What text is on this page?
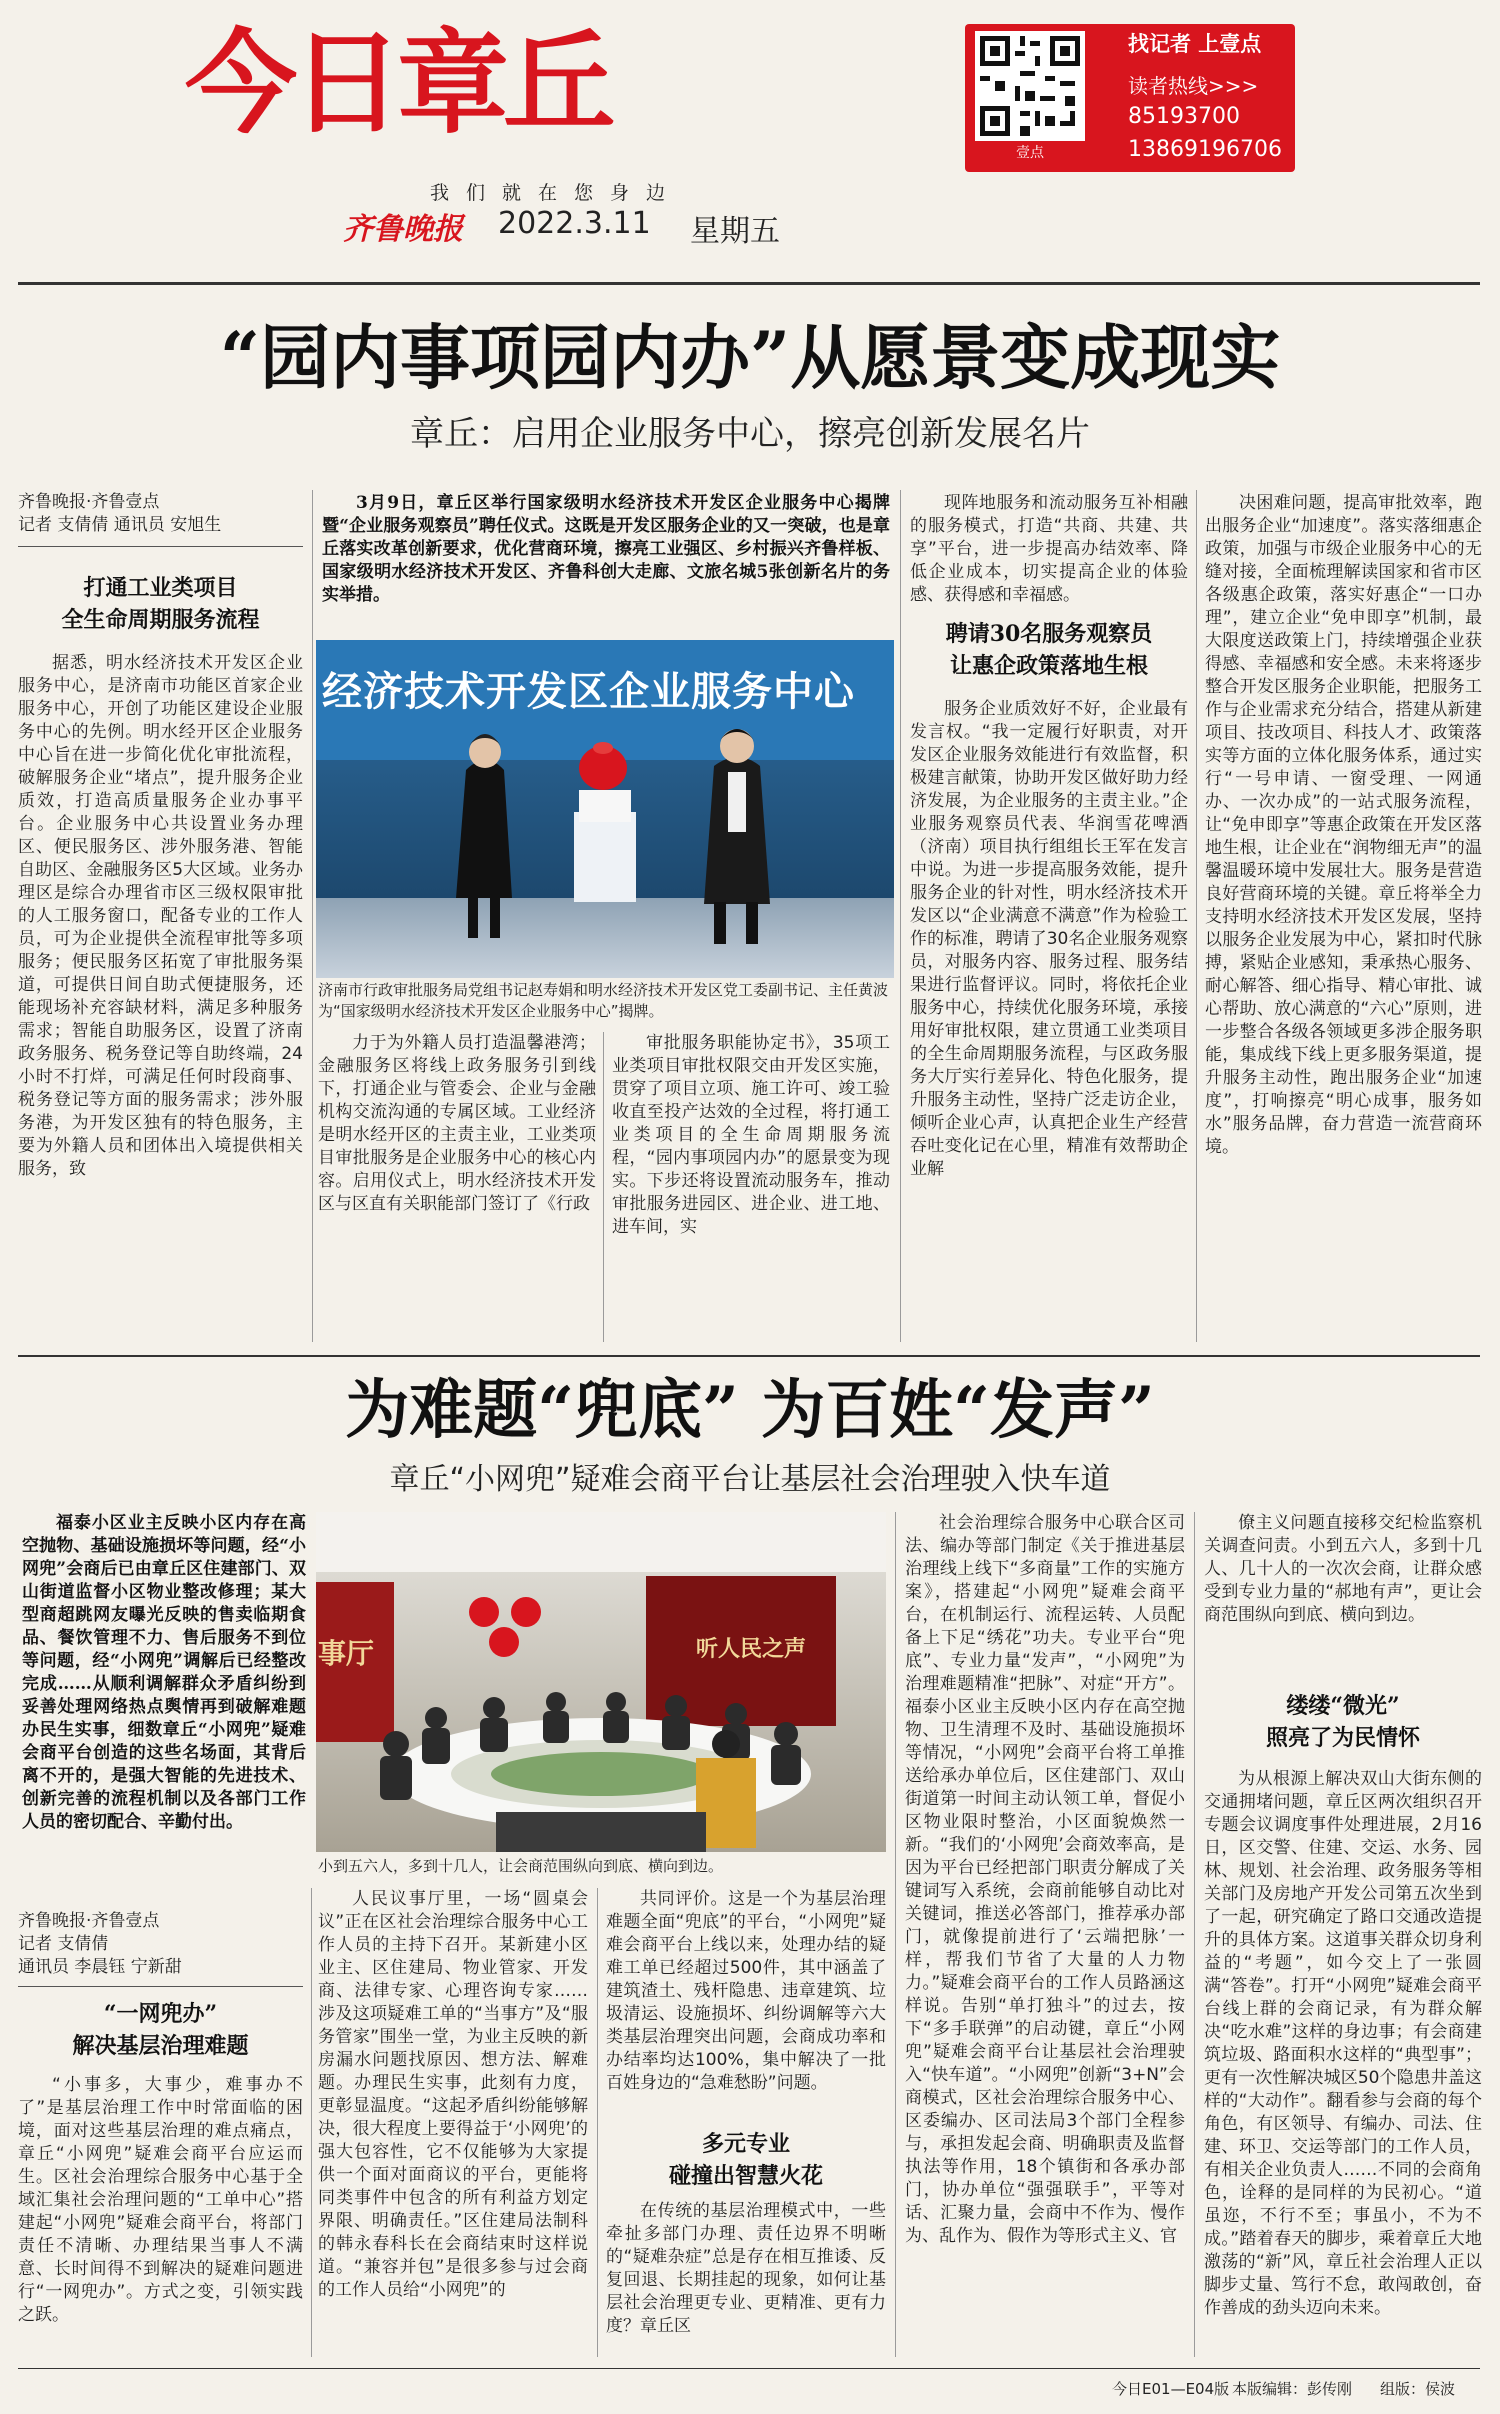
今日章丘
我们就在您身边
齐鲁晚报 2022.3.11 星期五
壹点
找记者 上壹点
读者热线>>>
85193700
13869196706
“园内事项园内办”从愿景变成现实
章丘：启用企业服务中心，擦亮创新发展名片
齐鲁晚报·齐鲁壹点
记者 支倩倩 通讯员 安旭生
打通工业类项目
全生命周期服务流程
据悉，明水经济技术开发区企业服务中心，是济南市功能区首家企业服务中心，开创了功能区建设企业服务中心的先例。明水经开区企业服务中心旨在进一步简化优化审批流程，破解服务企业“堵点”，提升服务企业质效，打造高质量服务企业办事平台。企业服务中心共设置业务办理区、便民服务区、涉外服务港、智能自助区、金融服务区5大区域。业务办理区是综合办理省市区三级权限审批的人工服务窗口，配备专业的工作人员，可为企业提供全流程审批等多项服务；便民服务区拓宽了审批服务渠道，可提供日间自助式便捷服务，还能现场补充容缺材料，满足多种服务需求；智能自助服务区，设置了济南政务服务、税务登记等自助终端，24小时不打烊，可满足任何时段商事、税务登记等方面的服务需求；涉外服务港，为开发区独有的特色服务，主要为外籍人员和团体出入境提供相关服务，致
3月9日，章丘区举行国家级明水经济技术开发区企业服务中心揭牌暨“企业服务观察员”聘任仪式。这既是开发区服务企业的又一突破，也是章丘落实改革创新要求，优化营商环境，擦亮工业强区、乡村振兴齐鲁样板、国家级明水经济技术开发区、齐鲁科创大走廊、文旅名城5张创新名片的务实举措。
经济技术开发区企业服务中心
济南市行政审批服务局党组书记赵寿娟和明水经济技术开发区党工委副书记、主任黄波为“国家级明水经济技术开发区企业服务中心”揭牌。
力于为外籍人员打造温馨港湾；金融服务区将线上政务服务引到线下，打通企业与管委会、企业与金融机构交流沟通的专属区域。工业经济是明水经开区的主责主业，工业类项目审批服务是企业服务中心的核心内容。启用仪式上，明水经济技术开发区与区直有关职能部门签订了《行政
审批服务职能协定书》，35项工业类项目审批权限交由开发区实施，贯穿了项目立项、施工许可、竣工验收直至投产达效的全过程，将打通工业类项目的全生命周期服务流程，“园内事项园内办”的愿景变为现实。下步还将设置流动服务车，推动审批服务进园区、进企业、进工地、进车间，实
现阵地服务和流动服务互补相融的服务模式，打造“共商、共建、共享”平台，进一步提高办结效率、降低企业成本，切实提高企业的体验感、获得感和幸福感。
聘请30名服务观察员
让惠企政策落地生根
服务企业质效好不好，企业最有发言权。“我一定履行好职责，对开发区企业服务效能进行有效监督，积极建言献策，协助开发区做好助力经济发展，为企业服务的主责主业。”企业服务观察员代表、华润雪花啤酒（济南）项目执行组组长王军在发言中说。为进一步提高服务效能，提升服务企业的针对性，明水经济技术开发区以“企业满意不满意”作为检验工作的标准，聘请了30名企业服务观察员，对服务内容、服务过程、服务结果进行监督评议。同时，将依托企业服务中心，持续优化服务环境，承接用好审批权限，建立贯通工业类项目的全生命周期服务流程，与区政务服务大厅实行差异化、特色化服务，提升服务主动性，坚持广泛走访企业，倾听企业心声，认真把企业生产经营吞吐变化记在心里，精准有效帮助企业解
决困难问题，提高审批效率，跑出服务企业“加速度”。落实落细惠企政策，加强与市级企业服务中心的无缝对接，全面梳理解读国家和省市区各级惠企政策，落实好惠企“一口办理”，建立企业“免申即享”机制，最大限度送政策上门，持续增强企业获得感、幸福感和安全感。未来将逐步整合开发区服务企业职能，把服务工作与企业需求充分结合，搭建从新建项目、技改项目、科技人才、政策落实等方面的立体化服务体系，通过实行“一号申请、一窗受理、一网通办、一次办成”的一站式服务流程，让“免申即享”等惠企政策在开发区落地生根，让企业在“润物细无声”的温馨温暖环境中发展壮大。服务是营造良好营商环境的关键。章丘将举全力支持明水经济技术开发区发展，坚持以服务企业发展为中心，紧扣时代脉搏，紧贴企业感知，秉承热心服务、耐心解答、细心指导、精心审批、诚心帮助、放心满意的“六心”原则，进一步整合各级各领域更多涉企服务职能，集成线下线上更多服务渠道，提升服务主动性，跑出服务企业“加速度”，打响擦亮“明心成事，服务如水”服务品牌，奋力营造一流营商环境。
为难题“兜底” 为百姓“发声”
章丘“小网兜”疑难会商平台让基层社会治理驶入快车道
福泰小区业主反映小区内存在高空抛物、基础设施损坏等问题，经“小网兜”会商后已由章丘区住建部门、双山街道监督小区物业整改修理；某大型商超跳网友曝光反映的售卖临期食品、餐饮管理不力、售后服务不到位等问题，经“小网兜”调解后已经整改完成……从顺利调解群众矛盾纠纷到妥善处理网络热点舆情再到破解难题办民生实事，细数章丘“小网兜”疑难会商平台创造的这些名场面，其背后离不开的，是强大智能的先进技术、创新完善的流程机制以及各部门工作人员的密切配合、辛勤付出。
事厅	听人民之声
小到五六人，多到十几人，让会商范围纵向到底、横向到边。
齐鲁晚报·齐鲁壹点
记者 支倩倩
通讯员 李晨钰 宁新甜
“一网兜办”
解决基层治理难题
“小事多，大事少，难事办不了”是基层治理工作中时常面临的困境，面对这些基层治理的难点痛点，章丘“小网兜”疑难会商平台应运而生。区社会治理综合服务中心基于全域汇集社会治理问题的“工单中心”搭建起“小网兜”疑难会商平台，将部门责任不清晰、办理结果当事人不满意、长时间得不到解决的疑难问题进行“一网兜办”。方式之变，引领实践之跃。
人民议事厅里，一场“圆桌会议”正在区社会治理综合服务中心工作人员的主持下召开。某新建小区业主、区住建局、物业管家、开发商、法律专家、心理咨询专家……涉及这项疑难工单的“当事方”及“服务管家”围坐一堂，为业主反映的新房漏水问题找原因、想方法、解难题。办理民生实事，此刻有力度，更彰显温度。“这起矛盾纠纷能够解决，很大程度上要得益于‘小网兜’的强大包容性，它不仅能够为大家提供一个面对面商议的平台，更能将同类事件中包含的所有利益方划定界限、明确责任。”区住建局法制科的韩永春科长在会商结束时这样说道。“兼容并包”是很多参与过会商的工作人员给“小网兜”的
共同评价。这是一个为基层治理难题全面“兜底”的平台，“小网兜”疑难会商平台上线以来，处理办结的疑难工单已经超过500件，其中涵盖了建筑渣土、残杆隐患、违章建筑、垃圾清运、设施损坏、纠纷调解等六大类基层治理突出问题，会商成功率和办结率均达100%，集中解决了一批百姓身边的“急难愁盼”问题。
多元专业
碰撞出智慧火花
在传统的基层治理模式中，一些牵扯多部门办理、责任边界不明晰的“疑难杂症”总是存在相互推诿、反复回退、长期挂起的现象，如何让基层社会治理更专业、更精准、更有力度？章丘区
社会治理综合服务中心联合区司法、编办等部门制定《关于推进基层治理线上线下“多商量”工作的实施方案》，搭建起“小网兜”疑难会商平台，在机制运行、流程运转、人员配备上下足“绣花”功夫。专业平台“兜底”、专业力量“发声”，“小网兜”为治理难题精准“把脉”、对症“开方”。福泰小区业主反映小区内存在高空抛物、卫生清理不及时、基础设施损坏等情况，“小网兜”会商平台将工单推送给承办单位后，区住建部门、双山街道第一时间主动认领工单，督促小区物业限时整治，小区面貌焕然一新。“我们的‘小网兜’会商效率高，是因为平台已经把部门职责分解成了关键词写入系统，会商前能够自动比对关键词，推送必答部门，推荐承办部门，就像提前进行了‘云端把脉’一样，帮我们节省了大量的人力物力。”疑难会商平台的工作人员路涵这样说。告别“单打独斗”的过去，按下“多手联弹”的启动键，章丘“小网兜”疑难会商平台让基层社会治理驶入“快车道”。“小网兜”创新“3+N”会商模式，区社会治理综合服务中心、区委编办、区司法局3个部门全程参与，承担发起会商、明确职责及监督执法等作用，18个镇街和各承办部门，协办单位“强强联手”，平等对话、汇聚力量，会商中不作为、慢作为、乱作为、假作为等形式主义、官
僚主义问题直接移交纪检监察机关调查问责。小到五六人，多到十几人、几十人的一次次会商，让群众感受到专业力量的“郝地有声”，更让会商范围纵向到底、横向到边。
缕缕“微光”
照亮了为民情怀
为从根源上解决双山大街东侧的交通拥堵问题，章丘区两次组织召开专题会议调度事件处理进展，2月16日，区交警、住建、交运、水务、园林、规划、社会治理、政务服务等相关部门及房地产开发公司第五次坐到了一起，研究确定了路口交通改造提升的具体方案。这道事关群众切身利益的“考题”，如今交上了一张圆满“答卷”。打开“小网兜”疑难会商平台线上群的会商记录，有为群众解决“吃水难”这样的身边事；有会商建筑垃圾、路面积水这样的“典型事”；更有一次性解决城区50个隐患井盖这样的“大动作”。翻看参与会商的每个角色，有区领导、有编办、司法、住建、环卫、交运等部门的工作人员，有相关企业负责人……不同的会商角色，诠释的是同样的为民初心。“道虽迩，不行不至；事虽小，不为不成。”踏着春天的脚步，乘着章丘大地激荡的“新”风，章丘社会治理人正以脚步丈量、笃行不怠，敢闯敢创，奋作善成的劲头迈向未来。
今日E01—E04版 本版编辑：彭传刚 组版：侯波
